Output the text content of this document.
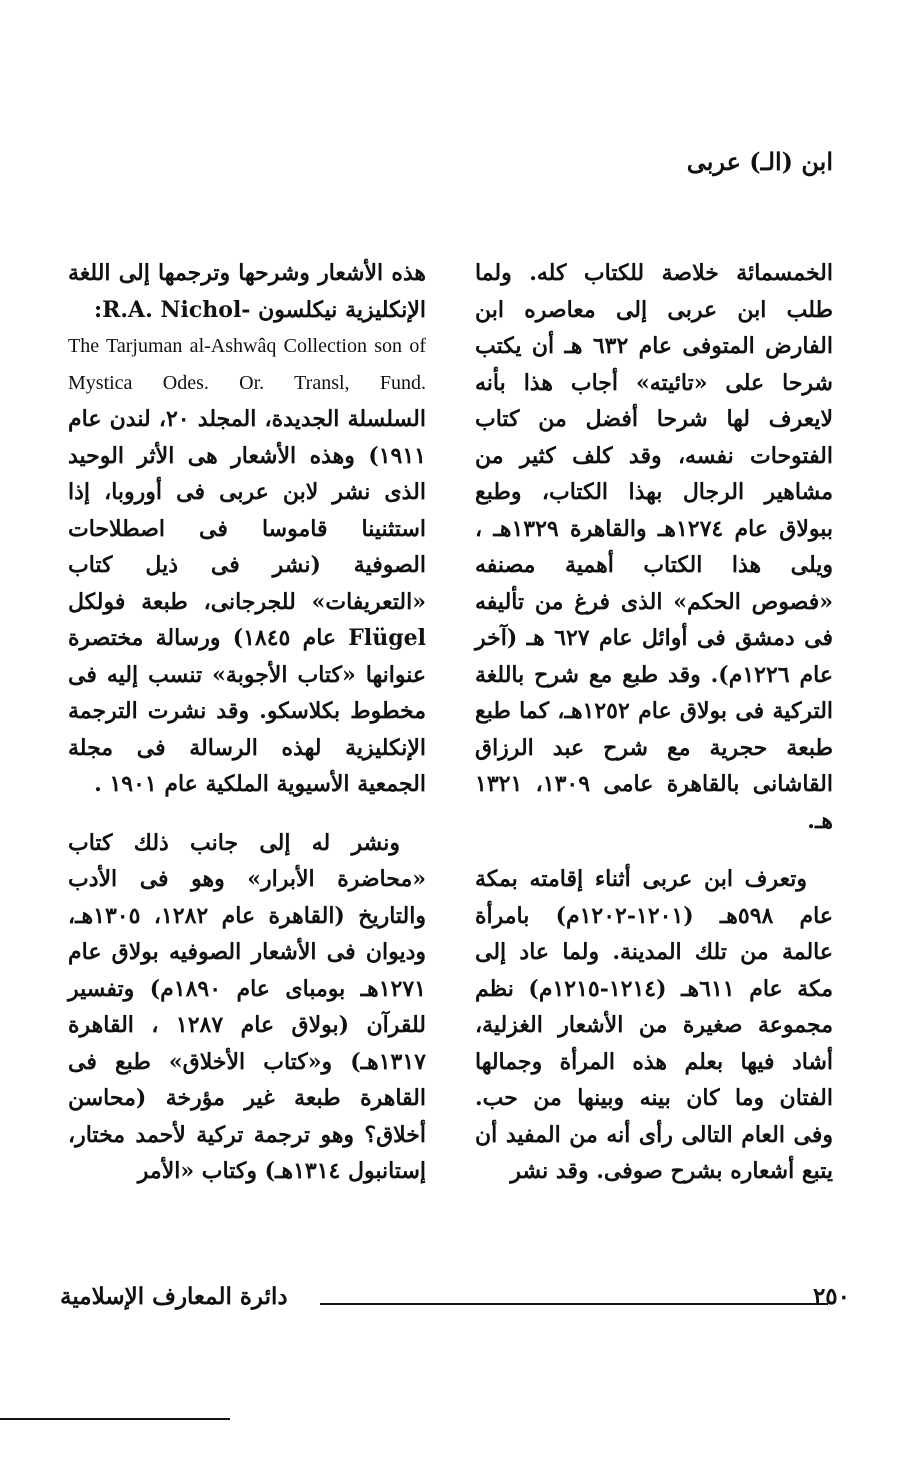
ابن (الـ) عربى

الخمسمائة خلاصة للكتاب كله. ولما طلب ابن عربى إلى معاصره ابن الفارض المتوفى عام ٦٣٢ هـ أن يكتب شرحا على «تائيته» أجاب هذا بأنه لايعرف لها شرحا أفضل من كتاب الفتوحات نفسه، وقد كلف كثير من مشاهير الرجال بهذا الكتاب، وطبع ببولاق عام ١٢٧٤هـ والقاهرة ١٣٢٩هـ ، ويلى هذا الكتاب أهمية مصنفه «فصوص الحكم» الذى فرغ من تأليفه فى دمشق فى أوائل عام ٦٢٧ هـ (آخر عام ١٢٢٦م). وقد طبع مع شرح باللغة التركية فى بولاق عام ١٢٥٢هـ، كما طبع طبعة حجرية مع شرح عبد الرزاق القاشانى بالقاهرة عامى ١٣٠٩، ١٣٢١ هـ.

وتعرف ابن عربى أثناء إقامته بمكة عام ٥٩٨هـ (١٢٠١-١٢٠٢م) بامرأة عالمة من تلك المدينة. ولما عاد إلى مكة عام ٦١١هـ (١٢١٤-١٢١٥م) نظم مجموعة صغيرة من الأشعار الغزلية، أشاد فيها بعلم هذه المرأة وجمالها الفتان وما كان بينه وبينها من حب. وفى العام التالى رأى أنه من المفيد أن يتبع أشعاره بشرح صوفى. وقد نشر

هذه الأشعار وشرحها وترجمها إلى اللغة الإنكليزية نيكلسون -R.A. Nichol:

The Tarjuman al-Ashwâq Collection son of Mystica Odes. Or. Transl, Fund.

السلسلة الجديدة، المجلد ٢٠، لندن عام ١٩١١) وهذه الأشعار هى الأثر الوحيد الذى نشر لابن عربى فى أوروبا، إذا استثنينا قاموسا فى اصطلاحات الصوفية (نشر فى ذيل كتاب «التعريفات» للجرجانى، طبعة فولكل Flügel عام ١٨٤٥) ورسالة مختصرة عنوانها «كتاب الأجوبة» تنسب إليه فى مخطوط بكلاسكو. وقد نشرت الترجمة الإنكليزية لهذه الرسالة فى مجلة الجمعية الأسيوية الملكية عام ١٩٠١ .

ونشر له إلى جانب ذلك كتاب «محاضرة الأبرار» وهو فى الأدب والتاريخ (القاهرة عام ١٢٨٢، ١٣٠٥هـ، وديوان فى الأشعار الصوفيه بولاق عام ١٢٧١هـ بومباى عام ١٨٩٠م) وتفسير للقرآن (بولاق عام ١٢٨٧ ، القاهرة ١٣١٧هـ) و«كتاب الأخلاق» طبع فى القاهرة طبعة غير مؤرخة (محاسن أخلاق؟ وهو ترجمة تركية لأحمد مختار، إستانبول ١٣١٤هـ) وكتاب «الأمر

دائرة المعارف الإسلامية	٢٥٠
